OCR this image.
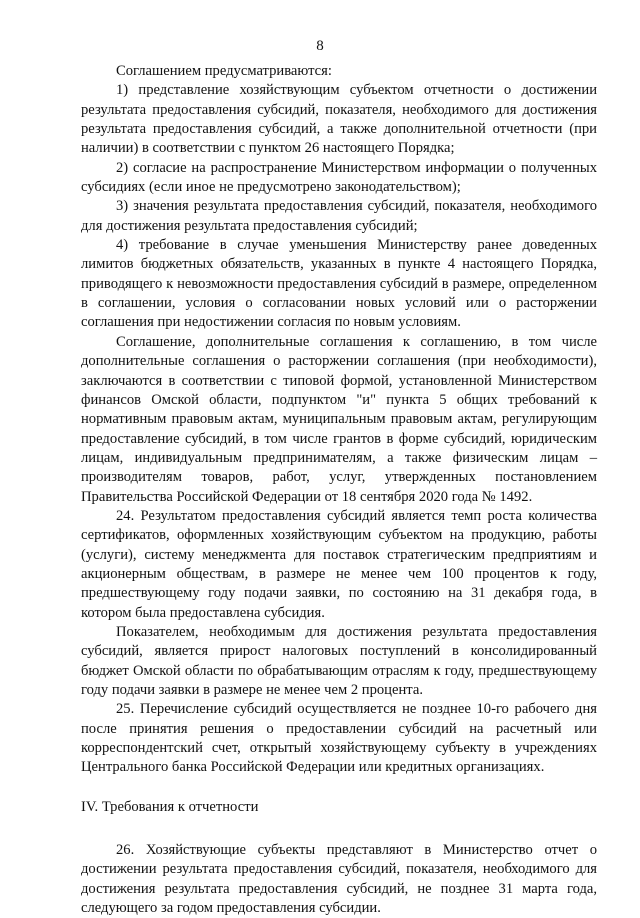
8

Соглашением предусматриваются:

1) представление хозяйствующим субъектом отчетности о достижении результата предоставления субсидий, показателя, необходимого для достижения результата предоставления субсидий, а также дополнительной отчетности (при наличии) в соответствии с пунктом 26 настоящего Порядка;

2) согласие на распространение Министерством информации о полученных субсидиях (если иное не предусмотрено законодательством);

3) значения результата предоставления субсидий, показателя, необходимого для достижения результата предоставления субсидий;

4) требование в случае уменьшения Министерству ранее доведенных лимитов бюджетных обязательств, указанных в пункте 4 настоящего Порядка, приводящего к невозможности предоставления субсидий в размере, определенном в соглашении, условия о согласовании новых условий или о расторжении соглашения при недостижении согласия по новым условиям.

Соглашение, дополнительные соглашения к соглашению, в том числе дополнительные соглашения о расторжении соглашения (при необходимости), заключаются в соответствии с типовой формой, установленной Министерством финансов Омской области, подпунктом "и" пункта 5 общих требований к нормативным правовым актам, муниципальным правовым актам, регулирующим предоставление субсидий, в том числе грантов в форме субсидий, юридическим лицам, индивидуальным предпринимателям, а также физическим лицам – производителям товаров, работ, услуг, утвержденных постановлением Правительства Российской Федерации от 18 сентября 2020 года № 1492.

24. Результатом предоставления субсидий является темп роста количества сертификатов, оформленных хозяйствующим субъектом на продукцию, работы (услуги), систему менеджмента для поставок стратегическим предприятиям и акционерным обществам, в размере не менее чем 100 процентов к году, предшествующему году подачи заявки, по состоянию на 31 декабря года, в котором была предоставлена субсидия.

Показателем, необходимым для достижения результата предоставления субсидий, является прирост налоговых поступлений в консолидированный бюджет Омской области по обрабатывающим отраслям к году, предшествующему году подачи заявки в размере не менее чем 2 процента.

25. Перечисление субсидий осуществляется не позднее 10-го рабочего дня после принятия решения о предоставлении субсидий на расчетный или корреспондентский счет, открытый хозяйствующему субъекту в учреждениях Центрального банка Российской Федерации или кредитных организациях.

IV. Требования к отчетности

26. Хозяйствующие субъекты представляют в Министерство отчет о достижении результата предоставления субсидий, показателя, необходимого для достижения результата предоставления субсидий, не позднее 31 марта года, следующего за годом предоставления субсидии.
